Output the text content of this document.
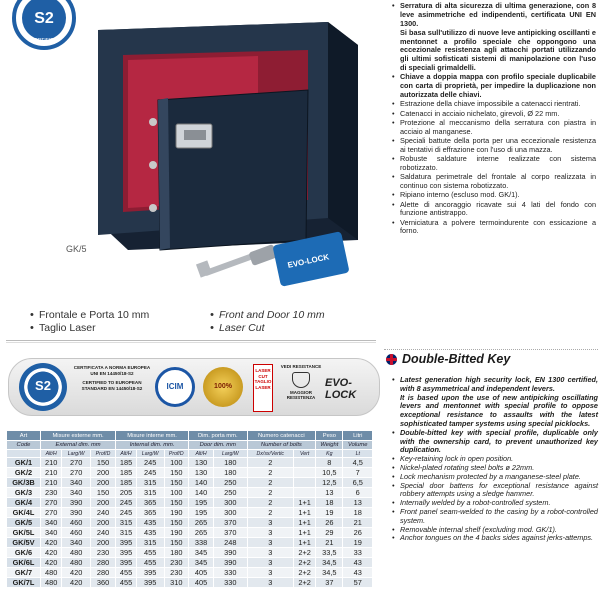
S2
CERTIFIED
GK/5
EVO-LOCK
• Serratura di alta sicurezza di ultima generazione, con 8 leve asimmetriche ed indipendenti, certificata UNI EN 1300.
Si basa sull'utilizzo di nuove leve antipicking oscillanti e mentonnet a profilo speciale che oppongono una eccezionale resistenza agli attacchi portati utilizzando gli ultimi sofisticati sistemi di manipolazione con l'uso di speciali grimaldelli.
• Chiave a doppia mappa con profilo speciale duplicabile con carta di proprietà, per impedire la duplicazione non autorizzata delle chiavi.
• Estrazione della chiave impossibile a catenacci rientrati.
• Catenacci in acciaio nichelato, girevoli, Ø 22 mm.
• Protezione al meccanismo della serratura con piastra in acciaio al manganese.
• Speciali battute della porta per una eccezionale resistenza ai tentativi di effrazione con l'uso di una mazza.
• Robuste saldature interne realizzate con sistema robotizzato.
• Saldatura perimetrale del frontale al corpo realizzata in continuo con sistema robotizzato.
• Ripiano interno (escluso mod. GK/1).
• Alette di ancoraggio ricavate sui 4 lati del fondo con funzione antistrappo.
• Verniciatura a polvere termoindurente con essicazione a forno.
• Frontale e Porta 10 mm
• Taglio Laser
• Front and Door 10 mm
• Laser Cut
S2
CERTIFICATA A NORMA EUROPEA UNI EN 14450/18-S2
CERTIFIED TO EUROPEAN STANDARD EN 14450/18-S2	ICIM	100%
LASER CUT TAGLIO LASER
VEDI RESISTANCE
MAGGIOR RESISTENZA
EVO-LOCK
Double-Bitted Key
• Latest generation high security lock, EN 1300 certified, with 8 asymmetrical and independent levers.
It is based upon the use of new antipicking oscillating levers and mentonnet with special profile to oppose exceptional resistance to assaults with the latest sophisticated tamper systems using special picklocks.
• Double-bitted key with special profile, duplicable only with the ownership card, to prevent unauthorized key duplication.
• Key-retaining lock in open position.
• Nickel-plated rotating steel bolts ø 22mm.
• Lock mechanism protected by a manganese-steel plate.
• Special door battens for exceptional resistance against robbery attempts using a sledge hammer.
• Internally welded by a robot-controlled system.
• Front panel seam-welded to the casing by a robot-controlled system.
• Removable internal shelf (excluding mod. GK/1).
• Anchor tongues on the 4 backs sides against jerks-attemps.
Art	Misure esterne mm.			Misure interne mm.			Dim. porta mm.		Numero catenacci		Peso	Litri
Code	External dim. mm			Internal dim. mm.			Door dim. mm		Number of bolts		Weight	Volume
	Alt/H	Larg/W	Prof/D	Alt/H	Larg/W	Prof/D	Alt/H	Larg/W	Dx/sx/Vertic	Vert	Kg	Lt
GK/1	210	270	150	185	245	100	130	180	2		8	4,5
GK/2	210	270	200	185	245	150	130	180	2		10,5	7
GK/3B	210	340	200	185	315	150	140	250	2		12,5	6,5
GK/3	230	340	150	205	315	100	140	250	2		13	6
GK/4	270	390	200	245	365	150	195	300	2	1+1	18	13
GK/4L	270	390	240	245	365	190	195	300	2	1+1	19	18
GK/5	340	460	200	315	435	150	265	370	3	1+1	26	21
GK/5L	340	460	240	315	435	190	265	370	3	1+1	29	26
GK/5V	420	340	200	395	315	150	338	248	3	1+1	21	19
GK/6	420	480	230	395	455	180	345	390	3	2+2	33,5	33
GK/6L	420	480	280	395	455	230	345	390	3	2+2	34,5	43
GK/7	480	420	280	455	395	230	405	330	3	2+2	34,5	43
GK/7L	480	420	360	455	395	310	405	330	3	2+2	37	57
